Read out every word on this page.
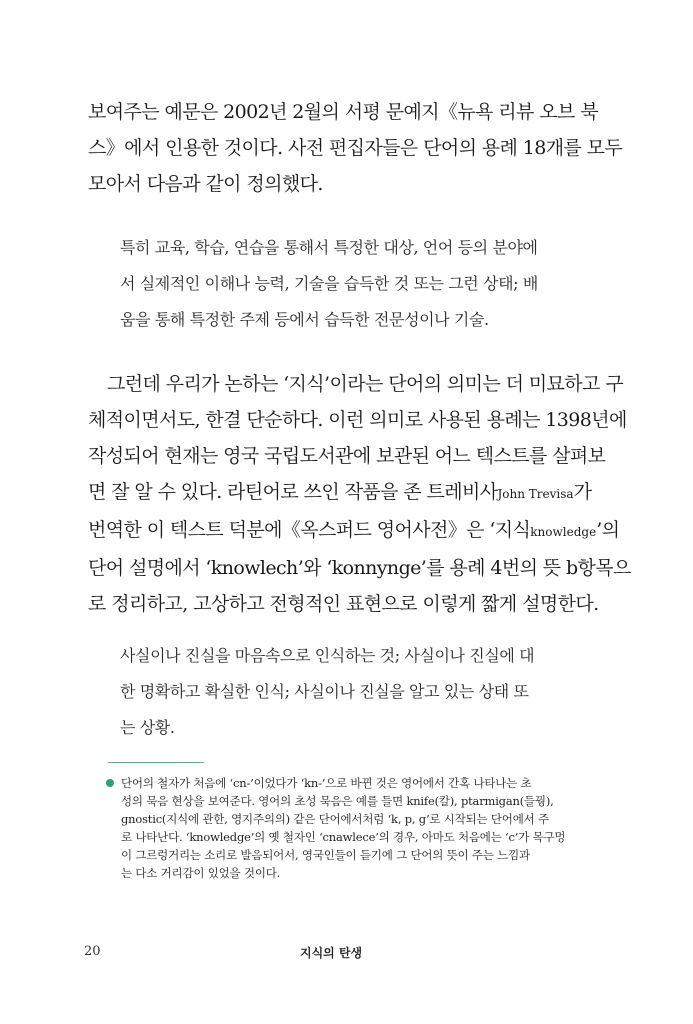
보여주는 예문은 2002년 2월의 서평 문예지《뉴욕 리뷰 오브 북
스》에서 인용한 것이다. 사전 편집자들은 단어의 용례 18개를 모두
모아서 다음과 같이 정의했다.
특히 교육, 학습, 연습을 통해서 특정한 대상, 언어 등의 분야에
서 실제적인 이해나 능력, 기술을 습득한 것 또는 그런 상태; 배
움을 통해 특정한 주제 등에서 습득한 전문성이나 기술.
그런데 우리가 논하는 ‘지식’이라는 단어의 의미는 더 미묘하고 구
체적이면서도, 한결 단순하다. 이런 의미로 사용된 용례는 1398년에
작성되어 현재는 영국 국립도서관에 보관된 어느 텍스트를 살펴보
면 잘 알 수 있다. 라틴어로 쓰인 작품을 존 트레비사John Trevisa가
번역한 이 텍스트 덕분에《옥스퍼드 영어사전》은 ‘지식knowledge’의
단어 설명에서 ‘knowlech’와 ‘konnynge’를 용례 4번의 뜻 b항목으
로 정리하고, 고상하고 전형적인 표현으로 이렇게 짧게 설명한다.
사실이나 진실을 마음속으로 인식하는 것; 사실이나 진실에 대
한 명확하고 확실한 인식; 사실이나 진실을 알고 있는 상태 또
는 상황.
단어의 철자가 처음에 ‘cn-’이었다가 ‘kn-’으로 바뀐 것은 영어에서 간혹 나타나는 초
성의 묵음 현상을 보여준다. 영어의 초성 묵음은 예를 들면 knife(칼), ptarmigan(들꿩),
gnostic(지식에 관한, 영지주의의) 같은 단어에서처럼 ‘k, p, g’로 시작되는 단어에서 주
로 나타난다. ‘knowledge’의 옛 철자인 ‘cnawlece’의 경우, 아마도 처음에는 ‘c’가 목구멍
이 그르렁거리는 소리로 발음되어서, 영국인들이 듣기에 그 단어의 뜻이 주는 느낌과
는 다소 거리감이 있었을 것이다.
20	지식의 탄생
